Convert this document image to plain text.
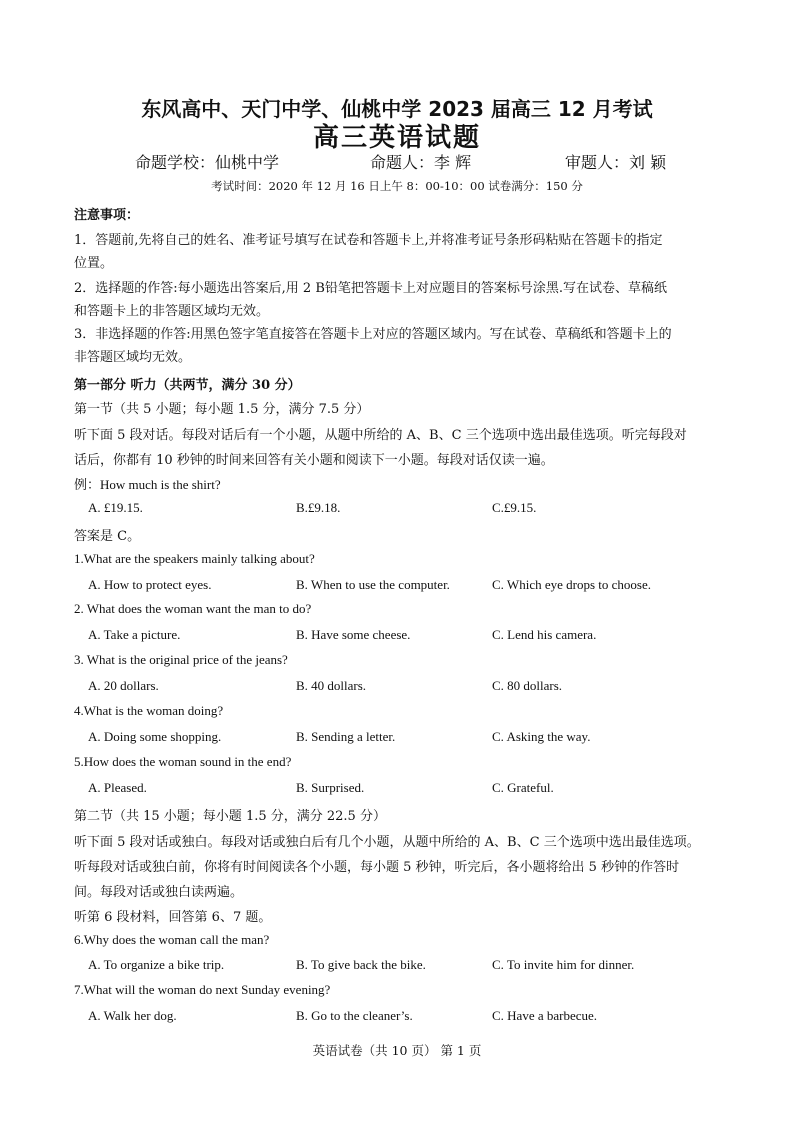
东风高中、天门中学、仙桃中学 2023 届高三 12 月考试
高三英语试题
命题学校：仙桃中学	命题人：李 辉	审题人：刘 颖
考试时间：2020 年 12 月 16 日上午 8：00-10：00 试卷满分：150 分
注意事项：
1．答题前,先将自己的姓名、准考证号填写在试卷和答题卡上,并将准考证号条形码粘贴在答题卡的指定
位置。
2．选择题的作答:每小题选出答案后,用 2 B铅笔把答题卡上对应题目的答案标号涂黑.写在试卷、草稿纸
和答题卡上的非答题区域均无效。
3．非选择题的作答:用黑色签字笔直接答在答题卡上对应的答题区域内。写在试卷、草稿纸和答题卡上的
非答题区域均无效。
第一部分 听力（共两节，满分 30 分）
第一节（共 5 小题；每小题 1.5 分，满分 7.5 分）
听下面 5 段对话。每段对话后有一个小题，从题中所给的 A、B、C 三个选项中选出最佳选项。听完每段对
话后，你都有 10 秒钟的时间来回答有关小题和阅读下一小题。每段对话仅读一遍。
例：How much is the shirt?
A. £19.15.	B.£9.18.	C.£9.15.
答案是 C。
1.What are the speakers mainly talking about?
A. How to protect eyes.	B. When to use the computer.	C. Which eye drops to choose.
2. What does the woman want the man to do?
A. Take a picture.	B. Have some cheese.	C. Lend his camera.
3. What is the original price of the jeans?
A. 20 dollars.	B. 40 dollars.	C. 80 dollars.
4.What is the woman doing?
A. Doing some shopping.	B. Sending a letter.	C. Asking the way.
5.How does the woman sound in the end?
A. Pleased.	B. Surprised.	C. Grateful.
第二节（共 15 小题；每小题 1.5 分，满分 22.5 分）
听下面 5 段对话或独白。每段对话或独白后有几个小题，从题中所给的 A、B、C 三个选项中选出最佳选项。
听每段对话或独白前，你将有时间阅读各个小题，每小题 5 秒钟，听完后，各小题将给出 5 秒钟的作答时
间。每段对话或独白读两遍。
听第 6 段材料，回答第 6、7 题。
6.Why does the woman call the man?
A. To organize a bike trip.	B. To give back the bike.	C. To invite him for dinner.
7.What will the woman do next Sunday evening?
A. Walk her dog.	B. Go to the cleaner’s.	C. Have a barbecue.
英语试卷（共 10 页） 第 1 页
